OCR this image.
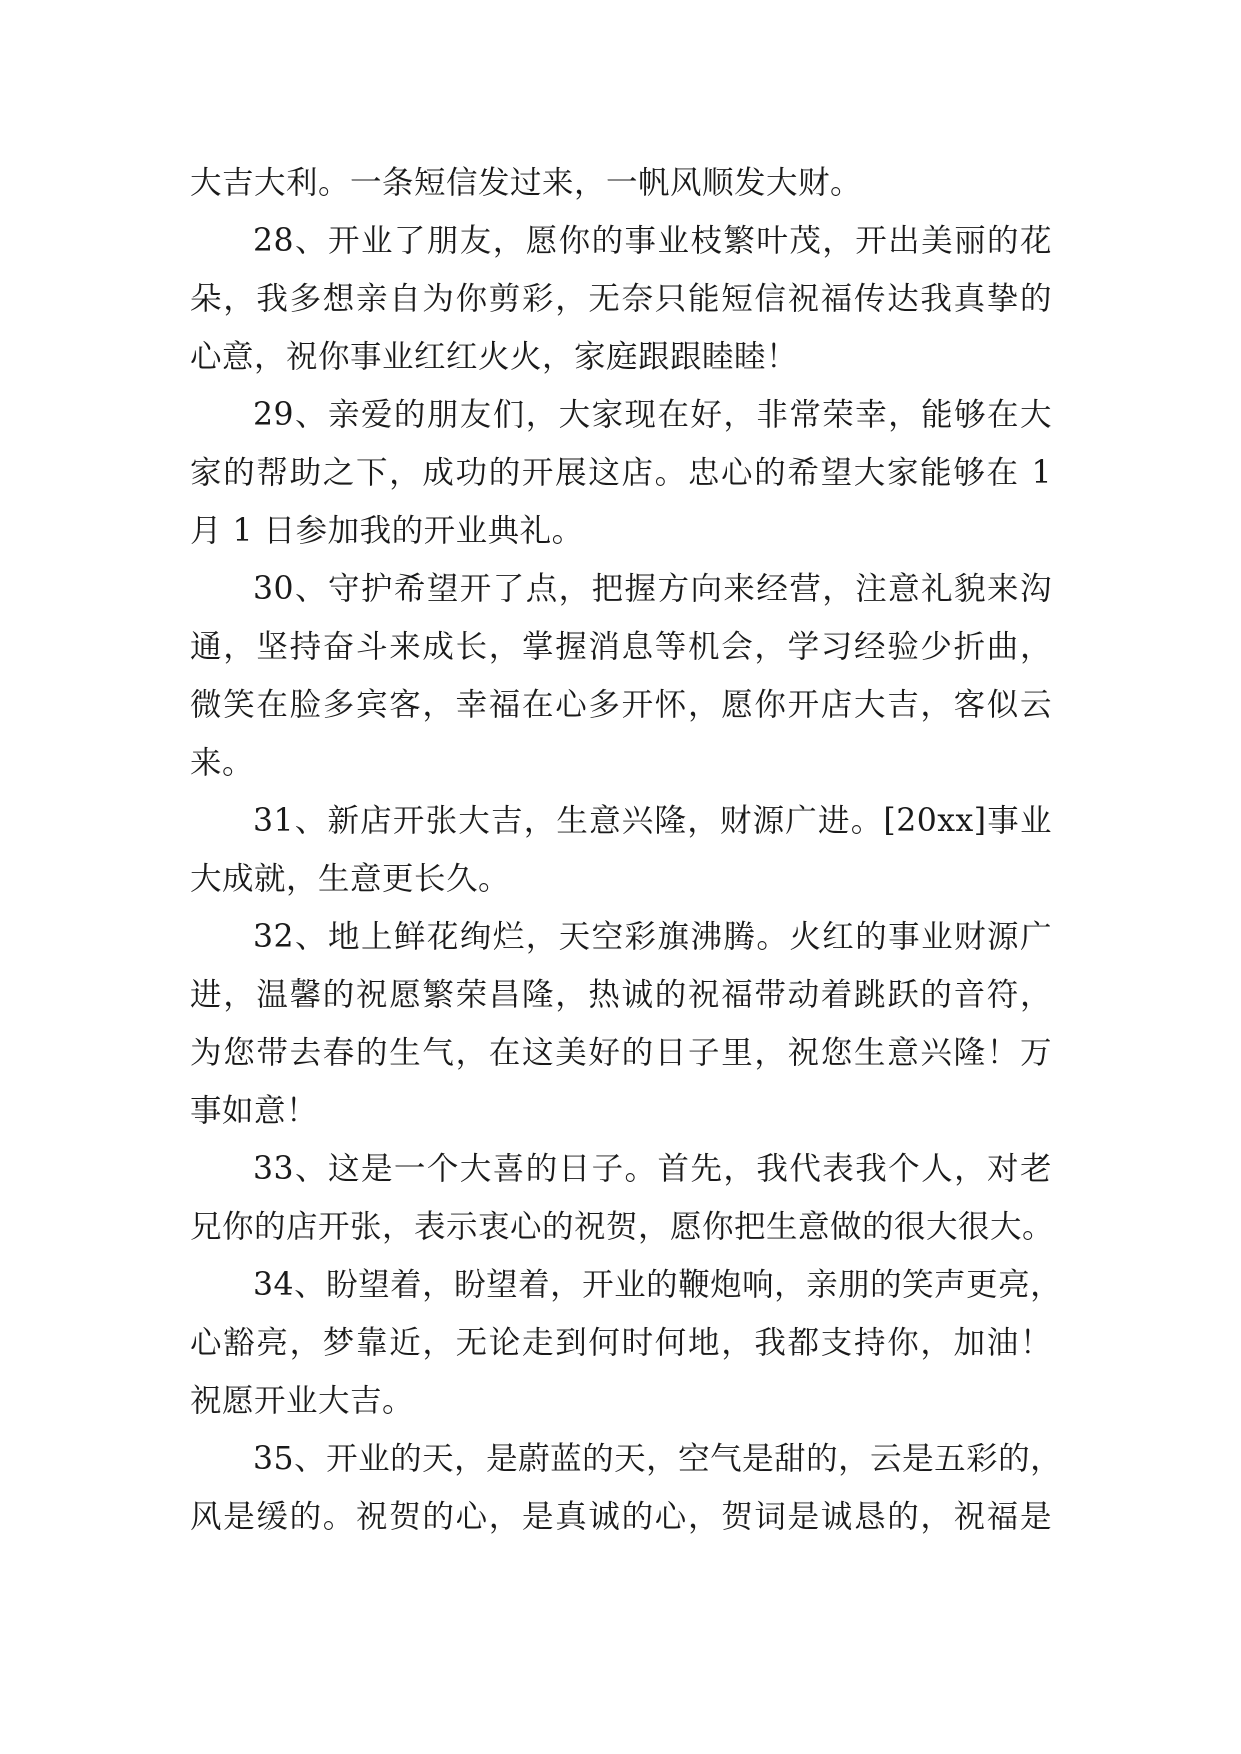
大吉大利。一条短信发过来，一帆风顺发大财。
28、开业了朋友，愿你的事业枝繁叶茂，开出美丽的花
朵，我多想亲自为你剪彩，无奈只能短信祝福传达我真挚的
心意，祝你事业红红火火，家庭跟跟睦睦！
29、亲爱的朋友们，大家现在好，非常荣幸，能够在大
家的帮助之下，成功的开展这店。忠心的希望大家能够在 1
月 1 日参加我的开业典礼。
30、守护希望开了点，把握方向来经营，注意礼貌来沟
通，坚持奋斗来成长，掌握消息等机会，学习经验少折曲，
微笑在脸多宾客，幸福在心多开怀，愿你开店大吉，客似云
来。
31、新店开张大吉，生意兴隆，财源广进。[20xx]事业
大成就，生意更长久。
32、地上鲜花绚烂，天空彩旗沸腾。火红的事业财源广
进，温馨的祝愿繁荣昌隆，热诚的祝福带动着跳跃的音符，
为您带去春的生气，在这美好的日子里，祝您生意兴隆！万
事如意！
33、这是一个大喜的日子。首先，我代表我个人，对老
兄你的店开张，表示衷心的祝贺，愿你把生意做的很大很大。
34、盼望着，盼望着，开业的鞭炮响，亲朋的笑声更亮，
心豁亮，梦靠近，无论走到何时何地，我都支持你，加油！
祝愿开业大吉。
35、开业的天，是蔚蓝的天，空气是甜的，云是五彩的，
风是缓的。祝贺的心，是真诚的心，贺词是诚恳的，祝福是
